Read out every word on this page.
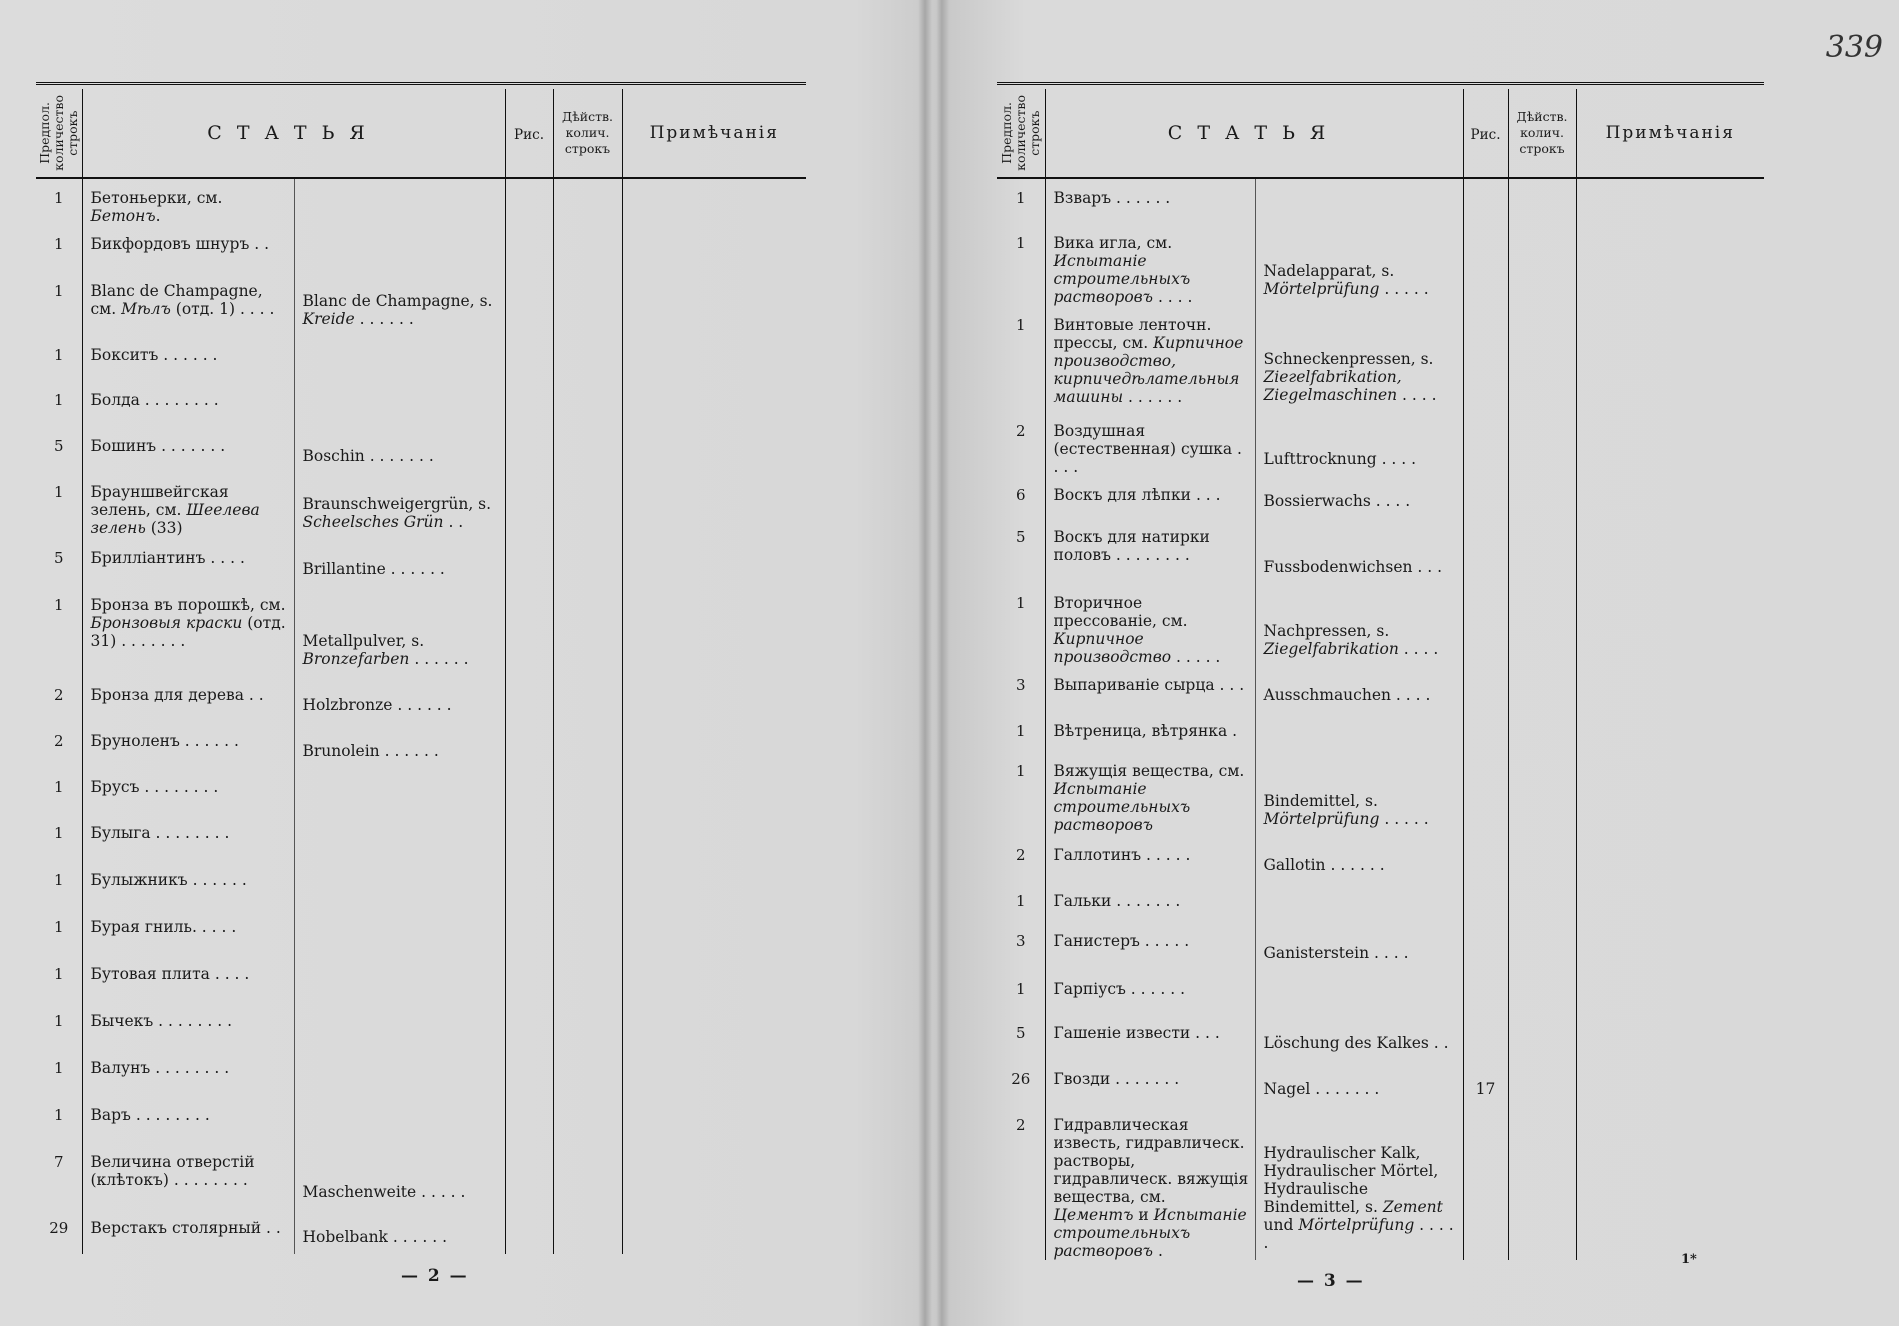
339
Предпол.
количество
строкъ	СТАТЬЯ		Рис.	Дѣйств.
колич.
строкъ	Примѣчанія
1	Бетоньерки, см. Бетонъ.				
1	Бикфордовъ шнуръ . .				
1	Blanc de Champagne, см. Мѣлъ (отд. 1) . . . .	Blanc de Champagne, s. Kreide . . . . . .			
1	Бокситъ . . . . . .				
1	Болда . . . . . . . .				
5	Бошинъ . . . . . . .	Boschin . . . . . . .			
1	Брауншвейгская зелень, см. Шеелева зелень (33)	Braunschweigergrün, s. Scheelsches Grün . .			
5	Бриллiантинъ . . . .	Brillantine . . . . . .			
1	Бронза въ порошкѣ, см. Бронзовыя краски (отд. 31) . . . . . . .	Metallpulver, s. Bronzefarben . . . . . .			
2	Бронза для дерева . .	Holzbronze . . . . . .			
2	Бруноленъ . . . . . .	Brunolein . . . . . .			
1	Брусъ . . . . . . . .				
1	Булыга . . . . . . . .				
1	Булыжникъ . . . . . .				
1	Бурая гниль. . . . .				
1	Бутовая плита . . . .				
1	Бычекъ . . . . . . . .				
1	Валунъ . . . . . . . .				
1	Варъ . . . . . . . .				
7	Величина отверстiй (клѣтокъ) . . . . . . . .	Maschenweite . . . . .			
29	Верстакъ столярный . .	Hobelbank . . . . . .			
— 2 —
Предпол.
количество
строкъ	СТАТЬЯ		Рис.	Дѣйств.
колич.
строкъ	Примѣчанія
1	Взваръ . . . . . .				
1	Вика игла, см. Испытанiе строительныхъ растворовъ . . . .	Nadelapparat, s. Mörtelprüfung . . . . .			
1	Винтовые ленточн. прессы, см. Кирпичное производство, кирпичедѣлательныя машины . . . . . .	Schneckenpressen, s. Zieгelfabrikation, Ziegelmaschinen . . . .			
2	Воздушная (естественная) сушка . . . .	Lufttrocknung . . . .			
6	Воскъ для лѣпки . . .	Bossierwachs . . . .			
5	Воскъ для натирки половъ . . . . . . . .	Fussbodenwichsen . . .			
1	Вторичное прессованiе, см. Кирпичное производство . . . . .	Nachpressen, s. Ziegelfabrikation . . . .			
3	Выпариванiе сырца . . .	Ausschmauchen . . . .			
1	Вѣтреница, вѣтрянка .				
1	Вяжущiя вещества, см. Испытанiе строительныхъ растворовъ	Bindemittel, s. Mörtelprüfung . . . . .			
2	Галлотинъ . . . . .	Gallotin . . . . . .			
1	Гальки . . . . . . .				
3	Ганистеръ . . . . .	Ganisterstein . . . .			
1	Гарпiусъ . . . . . .				
5	Гашенiе извести . . .	Löschung des Kalkes . .			
26	Гвозди . . . . . . .	Nagel . . . . . . .	17		
2	Гидравлическая известь, гидравлическ. растворы, гидравлическ. вяжущiя вещества, см. Цементъ и Испытанiе строительныхъ растворовъ .	Hydraulischer Kalk, Hydraulischer Mörtel, Hydraulische Bindemittel, s. Zement und Mörtelprüfung . . . . .			
— 3 —
1*
